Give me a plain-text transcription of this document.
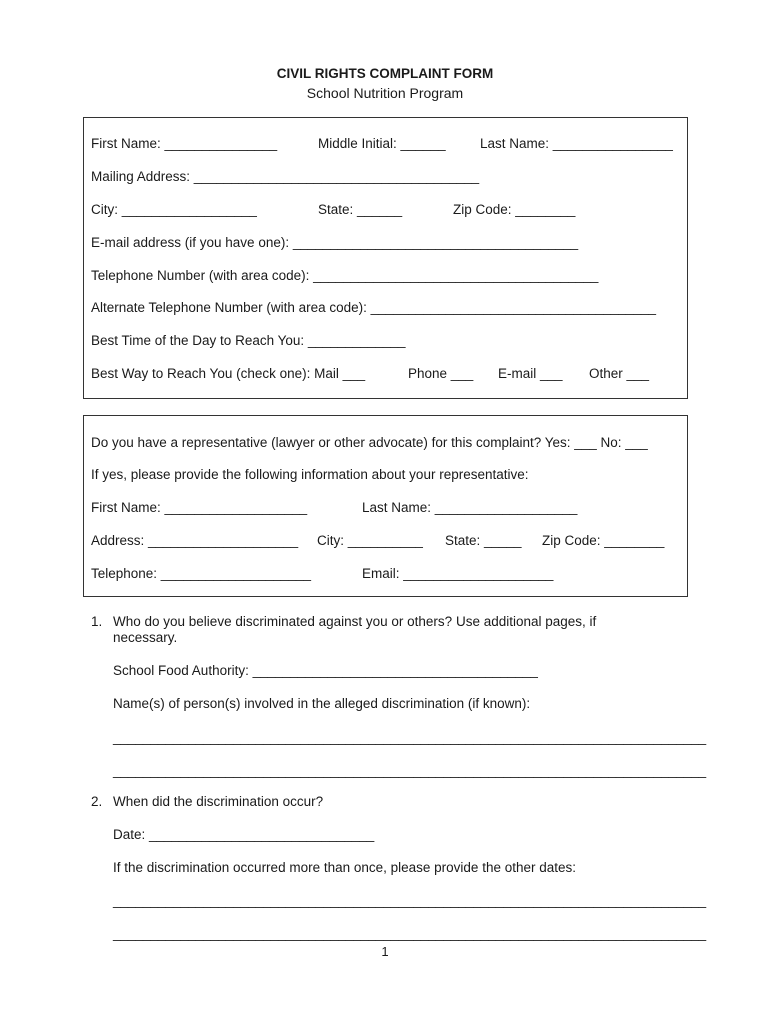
CIVIL RIGHTS COMPLAINT FORM
School Nutrition Program
First Name: _______________	Middle Initial: ______	Last Name: ________________
Mailing Address: ______________________________________
City: __________________	State: ______	Zip Code: ________
E-mail address (if you have one): ______________________________________
Telephone Number (with area code): ______________________________________
Alternate Telephone Number (with area code): ______________________________________
Best Time of the Day to Reach You: _____________
Best Way to Reach You (check one): Mail ___	Phone ___ E-mail ___ Other ___
Do you have a representative (lawyer or other advocate) for this complaint? Yes: ___ No: ___
If yes, please provide the following information about your representative:
First Name: ___________________	Last Name: ___________________
Address: ____________________ City: __________ State: _____ Zip Code: ________
Telephone: ____________________	Email: ____________________
1. Who do you believe discriminated against you or others? Use additional pages, if
necessary.
School Food Authority: ______________________________________
Name(s) of person(s) involved in the alleged discrimination (if known):
_______________________________________________________________________________
_______________________________________________________________________________
2. When did the discrimination occur?
Date: ______________________________
If the discrimination occurred more than once, please provide the other dates:
_______________________________________________________________________________
_______________________________________________________________________________
1
